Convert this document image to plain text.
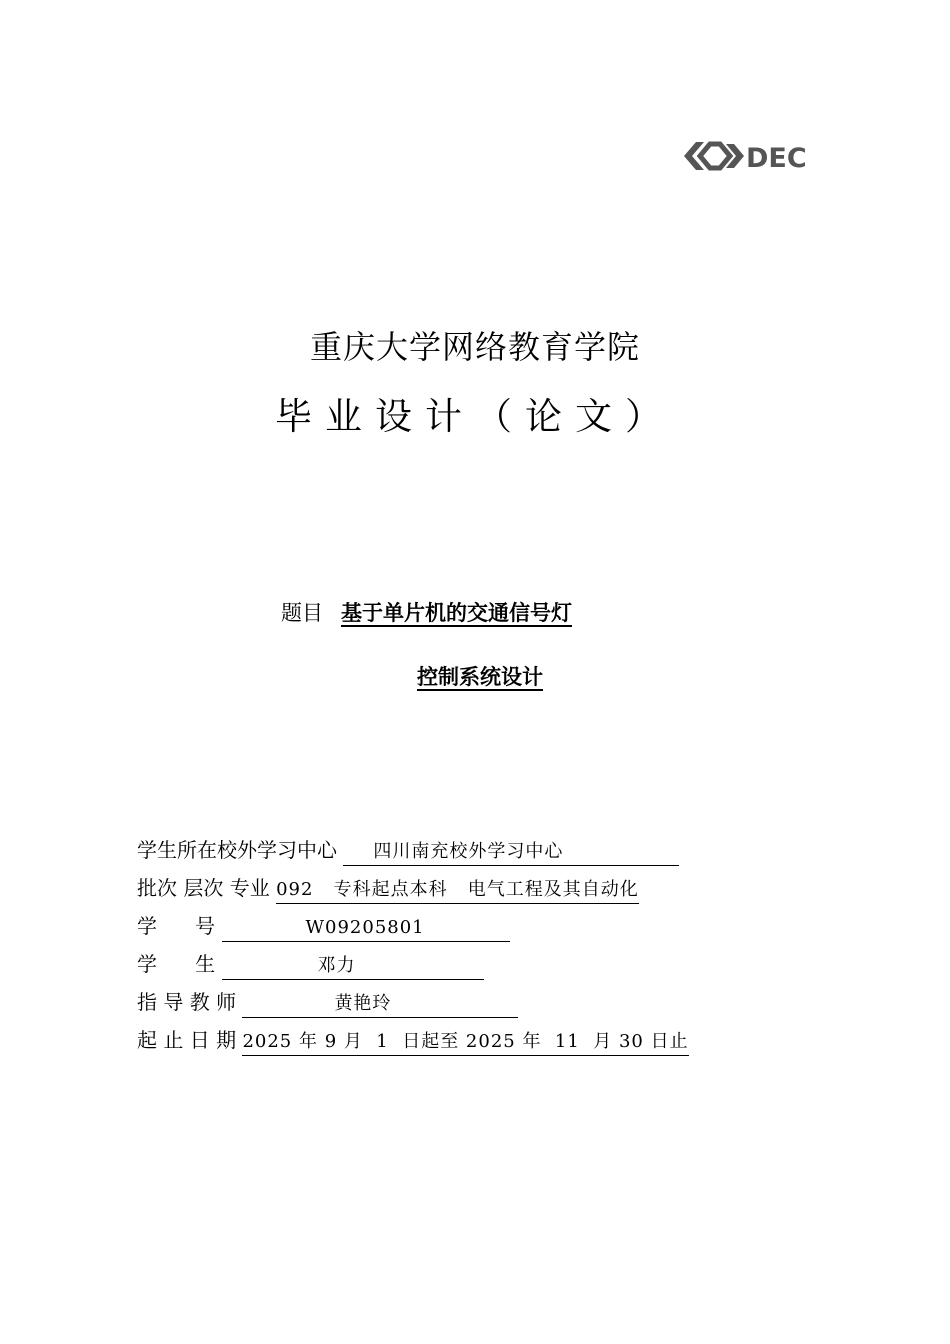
DEC
重庆大学网络教育学院
毕业设计（论文）
题目 基于单片机的交通信号灯
控制系统设计
学生所在校外学习中心 四川南充校外学习中心
批次 层次 专业 092   专科起点本科   电气工程及其自动化
学      号	W09205801
学      生	邓力
指 导 教 师	黄艳玲
起 止 日 期 2025 年 9 月  1  日起至 2025 年  11  月 30 日止
